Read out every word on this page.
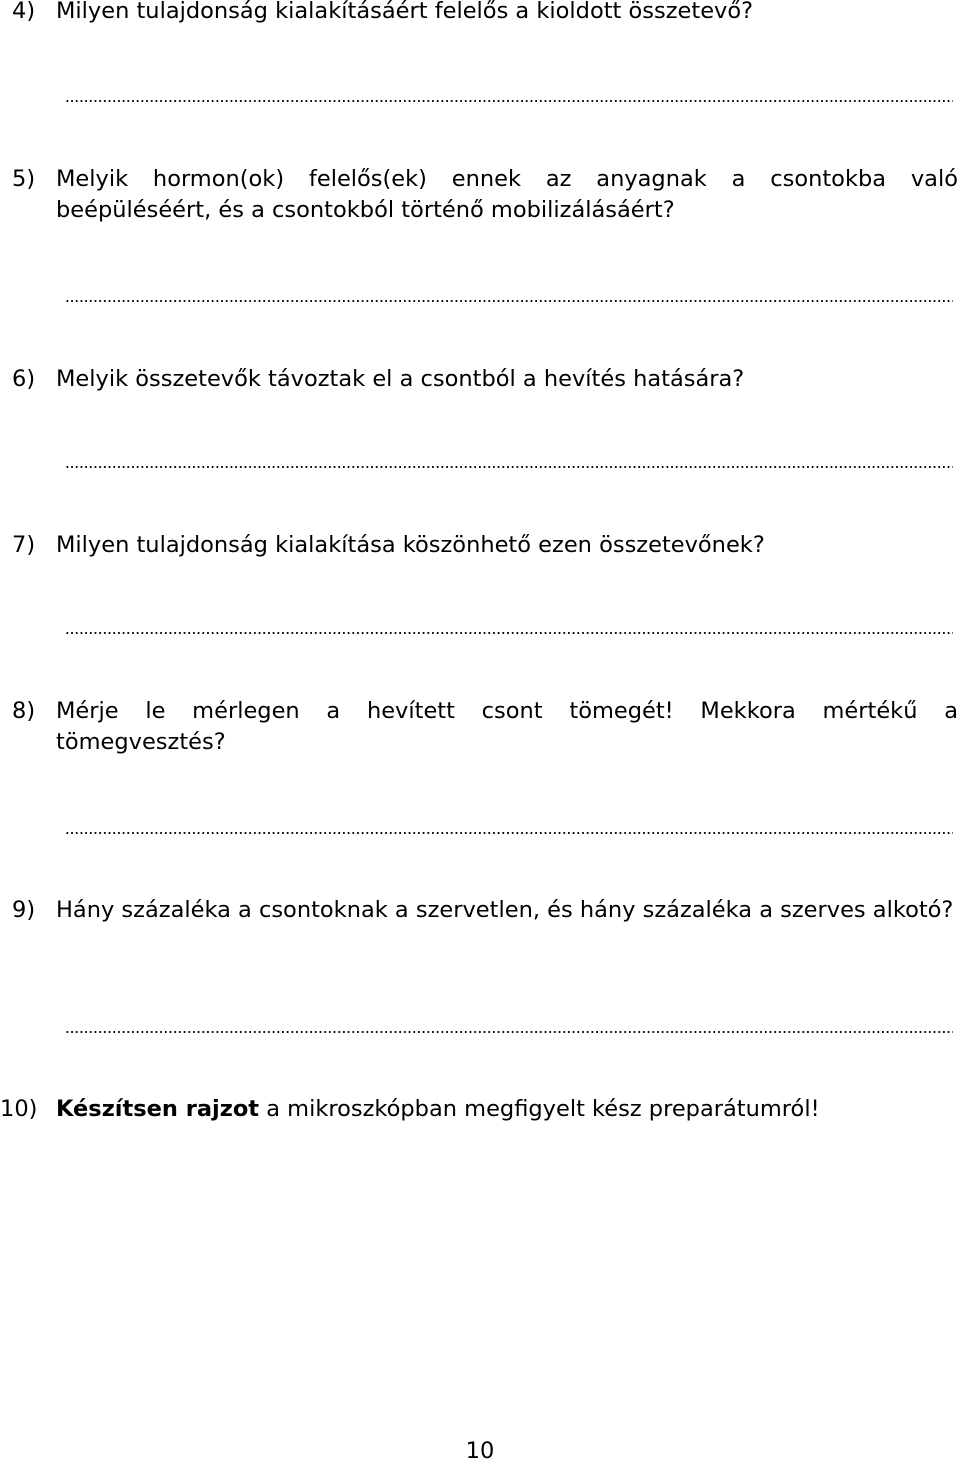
4) Milyen tulajdonság kialakításáért felelős a kioldott összetevő?
5) Melyik hormon(ok) felelős(ek) ennek az anyagnak a csontokba való beépüléséért, és a csontokból történő mobilizálásáért?
6) Melyik összetevők távoztak el a csontból a hevítés hatására?
7) Milyen tulajdonság kialakítása köszönhető ezen összetevőnek?
8) Mérje le mérlegen a hevített csont tömegét! Mekkora mértékű a tömegvesztés?
9) Hány százaléka a csontoknak a szervetlen, és hány százaléka a szerves alkotó?
10) Készítsen rajzot a mikroszkópban megfigyelt kész preparátumról!
10
